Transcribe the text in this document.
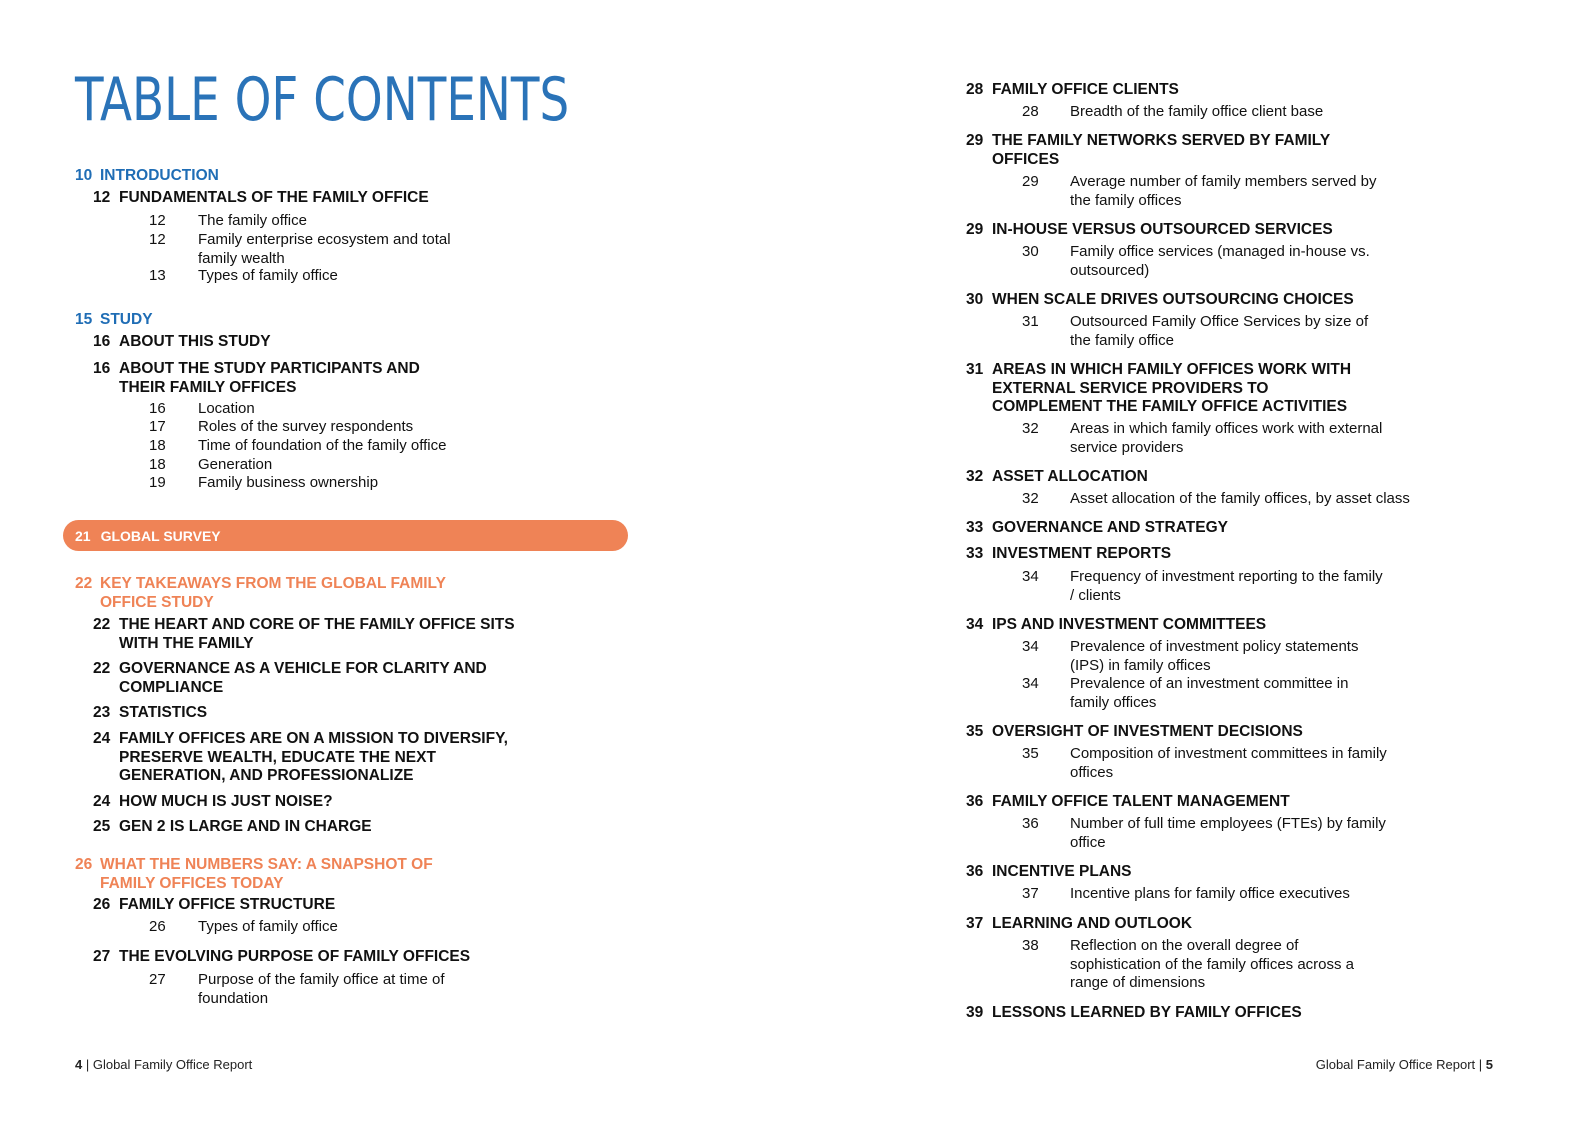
TABLE OF CONTENTS
10 INTRODUCTION
12 FUNDAMENTALS OF THE FAMILY OFFICE
12 The family office
12 Family enterprise ecosystem and total family wealth
13 Types of family office
15 STUDY
16 ABOUT THIS STUDY
16 ABOUT THE STUDY PARTICIPANTS AND THEIR FAMILY OFFICES
16 Location
17 Roles of the survey respondents
18 Time of foundation of the family office
18 Generation
19 Family business ownership
21 GLOBAL SURVEY
22 KEY TAKEAWAYS FROM THE GLOBAL FAMILY OFFICE STUDY
22 THE HEART AND CORE OF THE FAMILY OFFICE SITS WITH THE FAMILY
22 GOVERNANCE AS A VEHICLE FOR CLARITY AND COMPLIANCE
23 STATISTICS
24 FAMILY OFFICES ARE ON A MISSION TO DIVERSIFY, PRESERVE WEALTH, EDUCATE THE NEXT GENERATION, AND PROFESSIONALIZE
24 HOW MUCH IS JUST NOISE?
25 GEN 2 IS LARGE AND IN CHARGE
26 WHAT THE NUMBERS SAY: A SNAPSHOT OF FAMILY OFFICES TODAY
26 FAMILY OFFICE STRUCTURE
26 Types of family office
27 THE EVOLVING PURPOSE OF FAMILY OFFICES
27 Purpose of the family office at time of foundation
4 | Global Family Office Report
28 FAMILY OFFICE CLIENTS
28 Breadth of the family office client base
29 THE FAMILY NETWORKS SERVED BY FAMILY OFFICES
29 Average number of family members served by the family offices
29 IN-HOUSE VERSUS OUTSOURCED SERVICES
30 Family office services (managed in-house vs. outsourced)
30 WHEN SCALE DRIVES OUTSOURCING CHOICES
31 Outsourced Family Office Services by size of the family office
31 AREAS IN WHICH FAMILY OFFICES WORK WITH EXTERNAL SERVICE PROVIDERS TO COMPLEMENT THE FAMILY OFFICE ACTIVITIES
32 Areas in which family offices work with external service providers
32 ASSET ALLOCATION
32 Asset allocation of the family offices, by asset class
33 GOVERNANCE AND STRATEGY
33 INVESTMENT REPORTS
34 Frequency of investment reporting to the family / clients
34 IPS AND INVESTMENT COMMITTEES
34 Prevalence of investment policy statements (IPS) in family offices
34 Prevalence of an investment committee in family offices
35 OVERSIGHT OF INVESTMENT DECISIONS
35 Composition of investment committees in family offices
36 FAMILY OFFICE TALENT MANAGEMENT
36 Number of full time employees (FTEs) by family office
36 INCENTIVE PLANS
37 Incentive plans for family office executives
37 LEARNING AND OUTLOOK
38 Reflection on the overall degree of sophistication of the family offices across a range of dimensions
39 LESSONS LEARNED BY FAMILY OFFICES
Global Family Office Report | 5
